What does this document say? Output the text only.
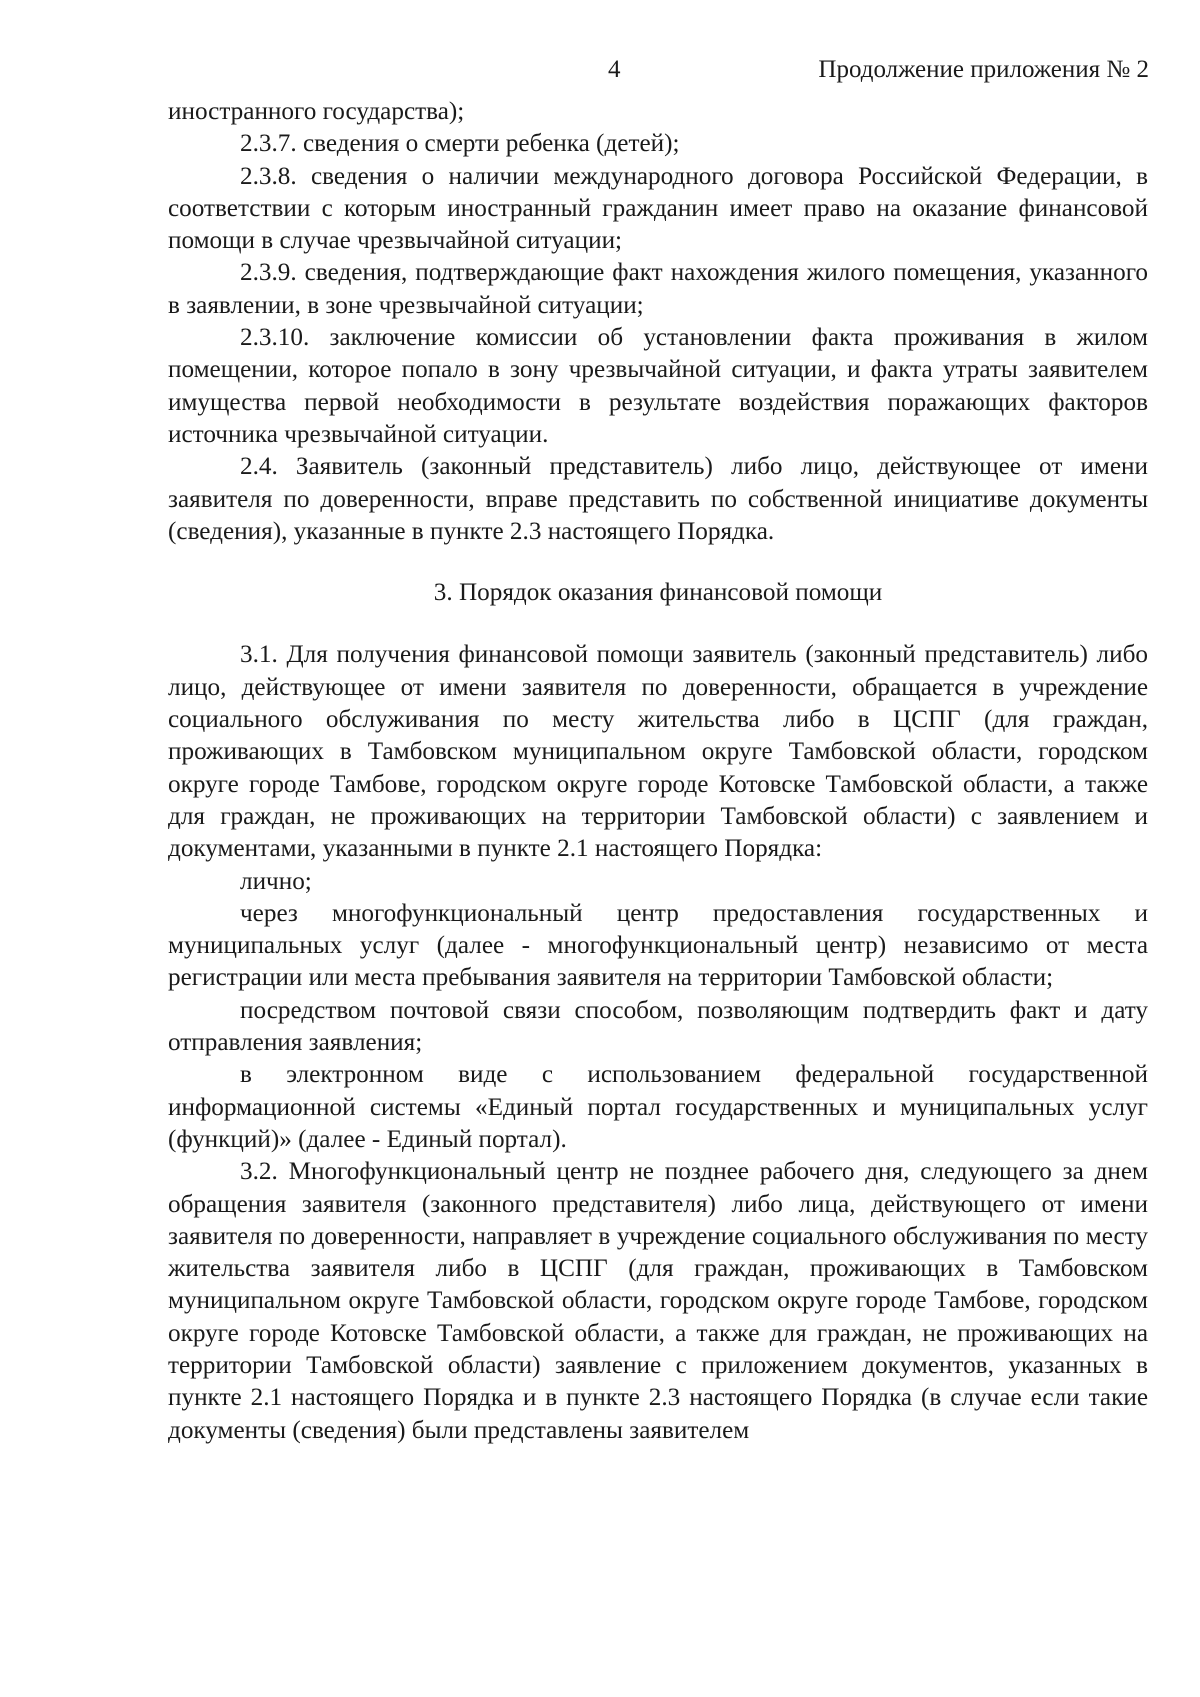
4	Продолжение приложения № 2

иностранного государства);

2.3.7. сведения о смерти ребенка (детей);

2.3.8. сведения о наличии международного договора Российской Федерации, в соответствии с которым иностранный гражданин имеет право на оказание финансовой помощи в случае чрезвычайной ситуации;

2.3.9. сведения, подтверждающие факт нахождения жилого помещения, указанного в заявлении, в зоне чрезвычайной ситуации;

2.3.10. заключение комиссии об установлении факта проживания в жилом помещении, которое попало в зону чрезвычайной ситуации, и факта утраты заявителем имущества первой необходимости в результате воздействия поражающих факторов источника чрезвычайной ситуации.

2.4. Заявитель (законный представитель) либо лицо, действующее от имени заявителя по доверенности, вправе представить по собственной инициативе документы (сведения), указанные в пункте 2.3 настоящего Порядка.

3. Порядок оказания финансовой помощи

3.1. Для получения финансовой помощи заявитель (законный представитель) либо лицо, действующее от имени заявителя по доверенности, обращается в учреждение социального обслуживания по месту жительства либо в ЦСПГ (для граждан, проживающих в Тамбовском муниципальном округе Тамбовской области, городском округе городе Тамбове, городском округе городе Котовске Тамбовской области, а также для граждан, не проживающих на территории Тамбовской области) с заявлением и документами, указанными в пункте 2.1 настоящего Порядка:

лично;

через многофункциональный центр предоставления государственных и муниципальных услуг (далее - многофункциональный центр) независимо от места регистрации или места пребывания заявителя на территории Тамбовской области;

посредством почтовой связи способом, позволяющим подтвердить факт и дату отправления заявления;

в электронном виде с использованием федеральной государственной информационной системы «Единый портал государственных и муниципальных услуг (функций)» (далее - Единый портал).

3.2. Многофункциональный центр не позднее рабочего дня, следующего за днем обращения заявителя (законного представителя) либо лица, действующего от имени заявителя по доверенности, направляет в учреждение социального обслуживания по месту жительства заявителя либо в ЦСПГ (для граждан, проживающих в Тамбовском муниципальном округе Тамбовской области, городском округе городе Тамбове, городском округе городе Котовске Тамбовской области, а также для граждан, не проживающих на территории Тамбовской области) заявление с приложением документов, указанных в пункте 2.1 настоящего Порядка и в пункте 2.3 настоящего Порядка (в случае если такие документы (сведения) были представлены заявителем
